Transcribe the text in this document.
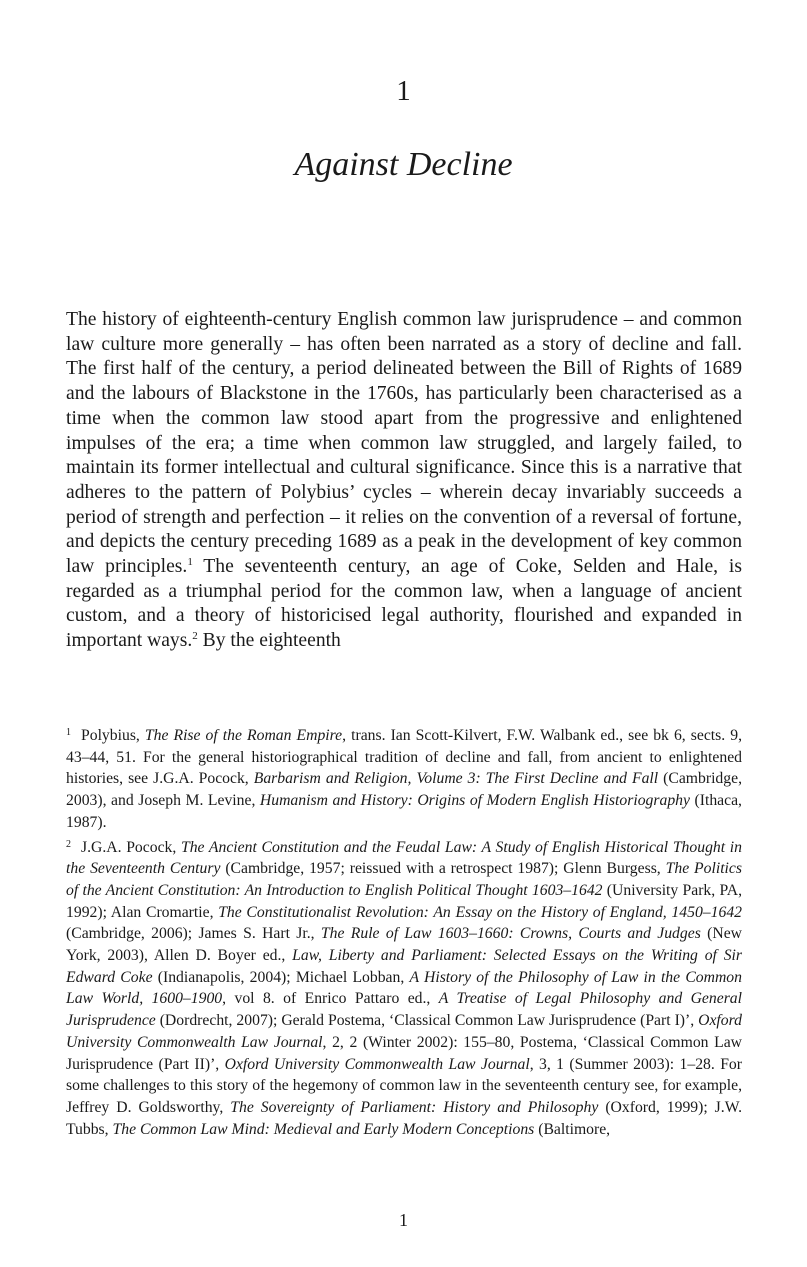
1
Against Decline

The history of eighteenth-century English common law jurisprudence – and common law culture more generally – has often been narrated as a story of decline and fall. The first half of the century, a period delineated between the Bill of Rights of 1689 and the labours of Blackstone in the 1760s, has particularly been characterised as a time when the common law stood apart from the progressive and enlightened impulses of the era; a time when common law struggled, and largely failed, to maintain its former intellectual and cultural significance. Since this is a narrative that adheres to the pattern of Polybius’ cycles – wherein decay invariably succeeds a period of strength and perfection – it relies on the convention of a reversal of fortune, and depicts the century preceding 1689 as a peak in the development of key common law principles.$^1$ The seventeenth century, an age of Coke, Selden and Hale, is regarded as a triumphal period for the common law, when a language of ancient custom, and a theory of historicised legal authority, flourished and expanded in important ways.$^2$ By the eighteenth

$^1$ Polybius, The Rise of the Roman Empire, trans. Ian Scott-Kilvert, F.W. Walbank ed., see bk 6, sects. 9, 43–44, 51. For the general historiographical tradition of decline and fall, from ancient to enlightened histories, see J.G.A. Pocock, Barbarism and Religion, Volume 3: The First Decline and Fall (Cambridge, 2003), and Joseph M. Levine, Humanism and History: Origins of Modern English Historiography (Ithaca, 1987).

$^2$ J.G.A. Pocock, The Ancient Constitution and the Feudal Law: A Study of English Historical Thought in the Seventeenth Century (Cambridge, 1957; reissued with a retrospect 1987); Glenn Burgess, The Politics of the Ancient Constitution: An Introduction to English Political Thought 1603–1642 (University Park, PA, 1992); Alan Cromartie, The Constitutionalist Revolution: An Essay on the History of England, 1450–1642 (Cambridge, 2006); James S. Hart Jr., The Rule of Law 1603–1660: Crowns, Courts and Judges (New York, 2003), Allen D. Boyer ed., Law, Liberty and Parliament: Selected Essays on the Writing of Sir Edward Coke (Indianapolis, 2004); Michael Lobban, A History of the Philosophy of Law in the Common Law World, 1600–1900, vol 8. of Enrico Pattaro ed., A Treatise of Legal Philosophy and General Jurisprudence (Dordrecht, 2007); Gerald Postema, ‘Classical Common Law Jurisprudence (Part I)’, Oxford University Commonwealth Law Journal, 2, 2 (Winter 2002): 155–80, Postema, ‘Classical Common Law Jurisprudence (Part II)’, Oxford University Commonwealth Law Journal, 3, 1 (Summer 2003): 1–28. For some challenges to this story of the hegemony of common law in the seventeenth century see, for example, Jeffrey D. Goldsworthy, The Sovereignty of Parliament: History and Philosophy (Oxford, 1999); J.W. Tubbs, The Common Law Mind: Medieval and Early Modern Conceptions (Baltimore,

1
